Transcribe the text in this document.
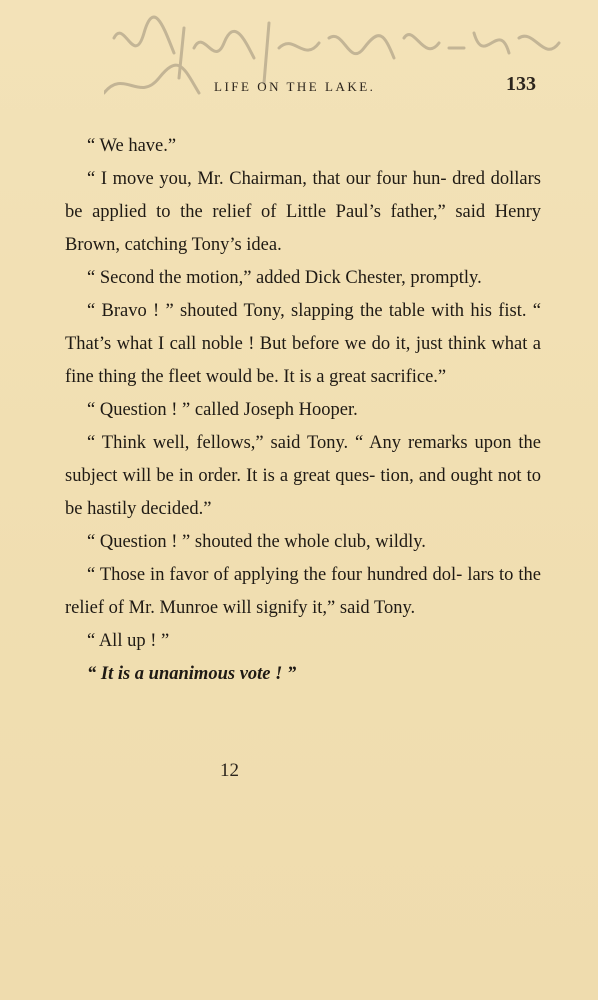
LIFE ON THE LAKE.	133

“ We have.”

“ I move you, Mr. Chairman, that our four hun- dred dollars be applied to the relief of Little Paul’s father,” said Henry Brown, catching Tony’s idea.

“ Second the motion,” added Dick Chester, promptly.

“ Bravo ! ” shouted Tony, slapping the table with his fist. “ That’s what I call noble ! But before we do it, just think what a fine thing the fleet would be. It is a great sacrifice.”

“ Question ! ” called Joseph Hooper.

“ Think well, fellows,” said Tony. “ Any remarks upon the subject will be in order. It is a great ques- tion, and ought not to be hastily decided.”

“ Question ! ” shouted the whole club, wildly.

“ Those in favor of applying the four hundred dol- lars to the relief of Mr. Munroe will signify it,” said Tony.

“ All up ! ”

“ It is a unanimous vote ! ”

12
